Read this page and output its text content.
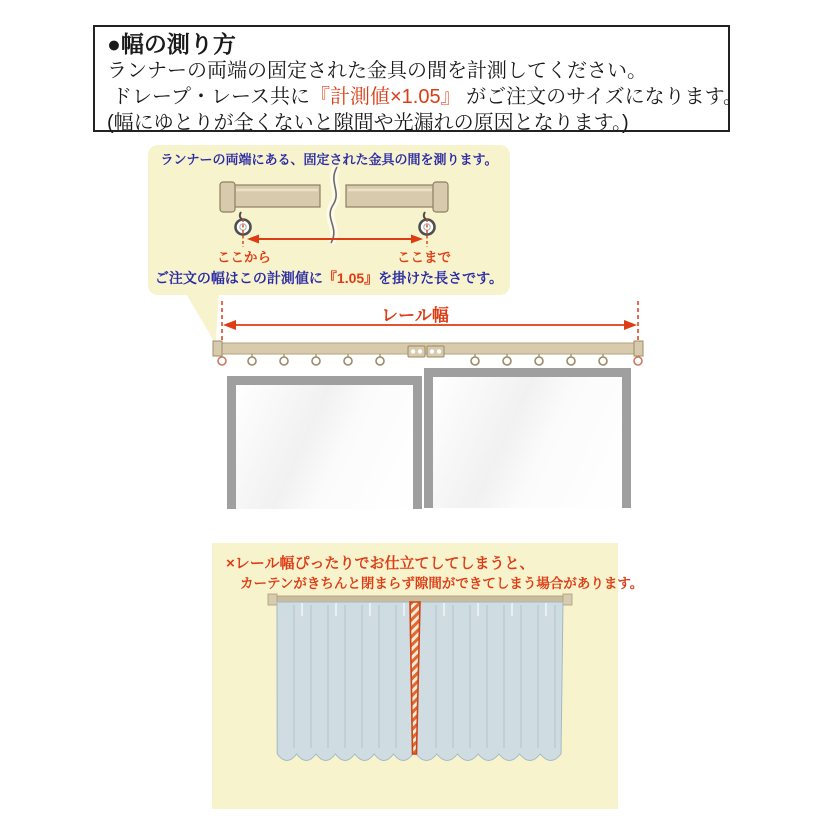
●幅の測り方
ランナーの両端の固定された金具の間を計測してください。
ドレープ・レース共に『計測値×1.05』 がご注文のサイズになります。
(幅にゆとりが全くないと隙間や光漏れの原因となります。)
ランナーの両端にある、固定された金具の間を測ります。
ここから	ここまで
ご注文の幅はこの計測値に『1.05』を掛けた長さです。
レール幅
×レール幅ぴったりでお仕立てしてしまうと、
カーテンがきちんと閉まらず隙間ができてしまう場合があります。
